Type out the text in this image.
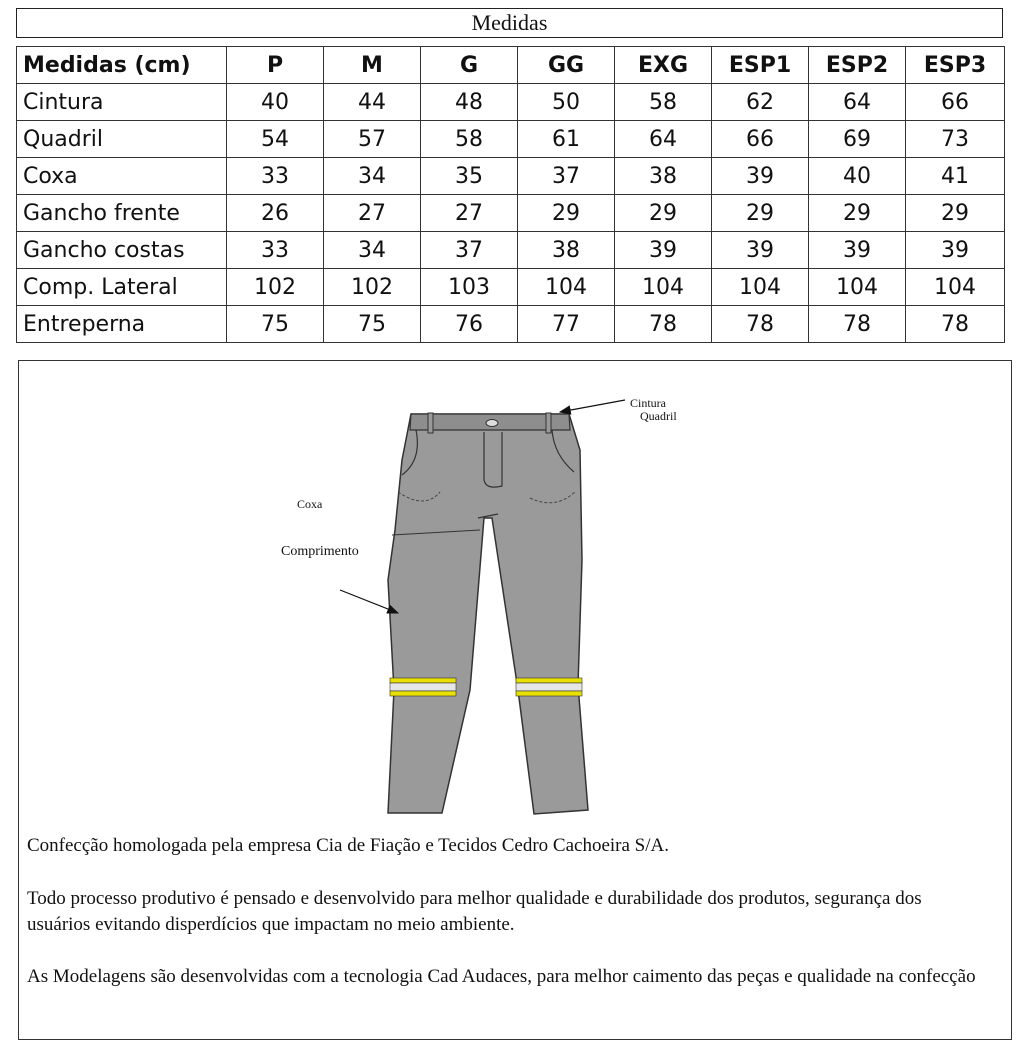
Medidas
Medidas (cm)	P	M	G	GG	EXG	ESP1	ESP2	ESP3
Cintura	40	44	48	50	58	62	64	66
Quadril	54	57	58	61	64	66	69	73
Coxa	33	34	35	37	38	39	40	41
Gancho frente	26	27	27	29	29	29	29	29
Gancho costas	33	34	37	38	39	39	39	39
Comp. Lateral	102	102	103	104	104	104	104	104
Entreperna	75	75	76	77	78	78	78	78
Cintura
Quadril
Coxa
Comprimento

Confecção homologada pela empresa Cia de Fiação e Tecidos Cedro Cachoeira S/A.

Todo processo produtivo é pensado e desenvolvido para melhor qualidade e durabilidade dos produtos, segurança dos usuários evitando disperdícios que impactam no meio ambiente.

As Modelagens são desenvolvidas com a tecnologia Cad Audaces, para melhor caimento das peças e qualidade na confecção
